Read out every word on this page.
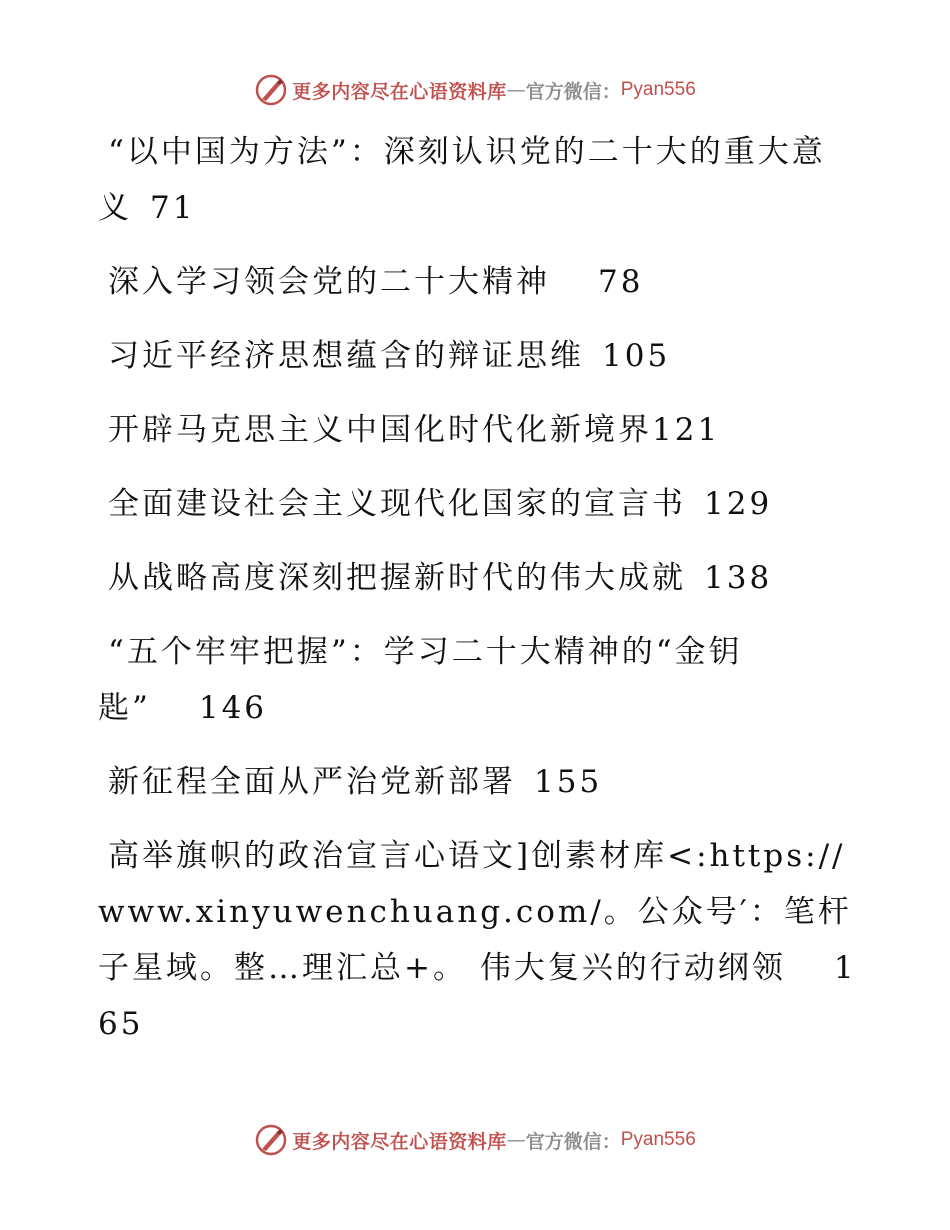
更多内容尽在心语资料库 — 官方微信： Pyan556
“以中国为方法”：深刻认识党的二十大的重大意义 71
深入学习领会党的二十大精神 78
习近平经济思想蕴含的辩证思维 105
开辟马克思主义中国化时代化新境界121
全面建设社会主义现代化国家的宣言书 129
从战略高度深刻把握新时代的伟大成就 138
“五个牢牢把握”：学习二十大精神的“金钥匙” 146
新征程全面从严治党新部署 155
高举旗帜的政治宣言心语文]创素材库<:https://www.xinyuwenchuang.com/。公众号′：笔杆子星域。整…理汇总+。 伟大复兴的行动纲领 165
更多内容尽在心语资料库 — 官方微信： Pyan556
